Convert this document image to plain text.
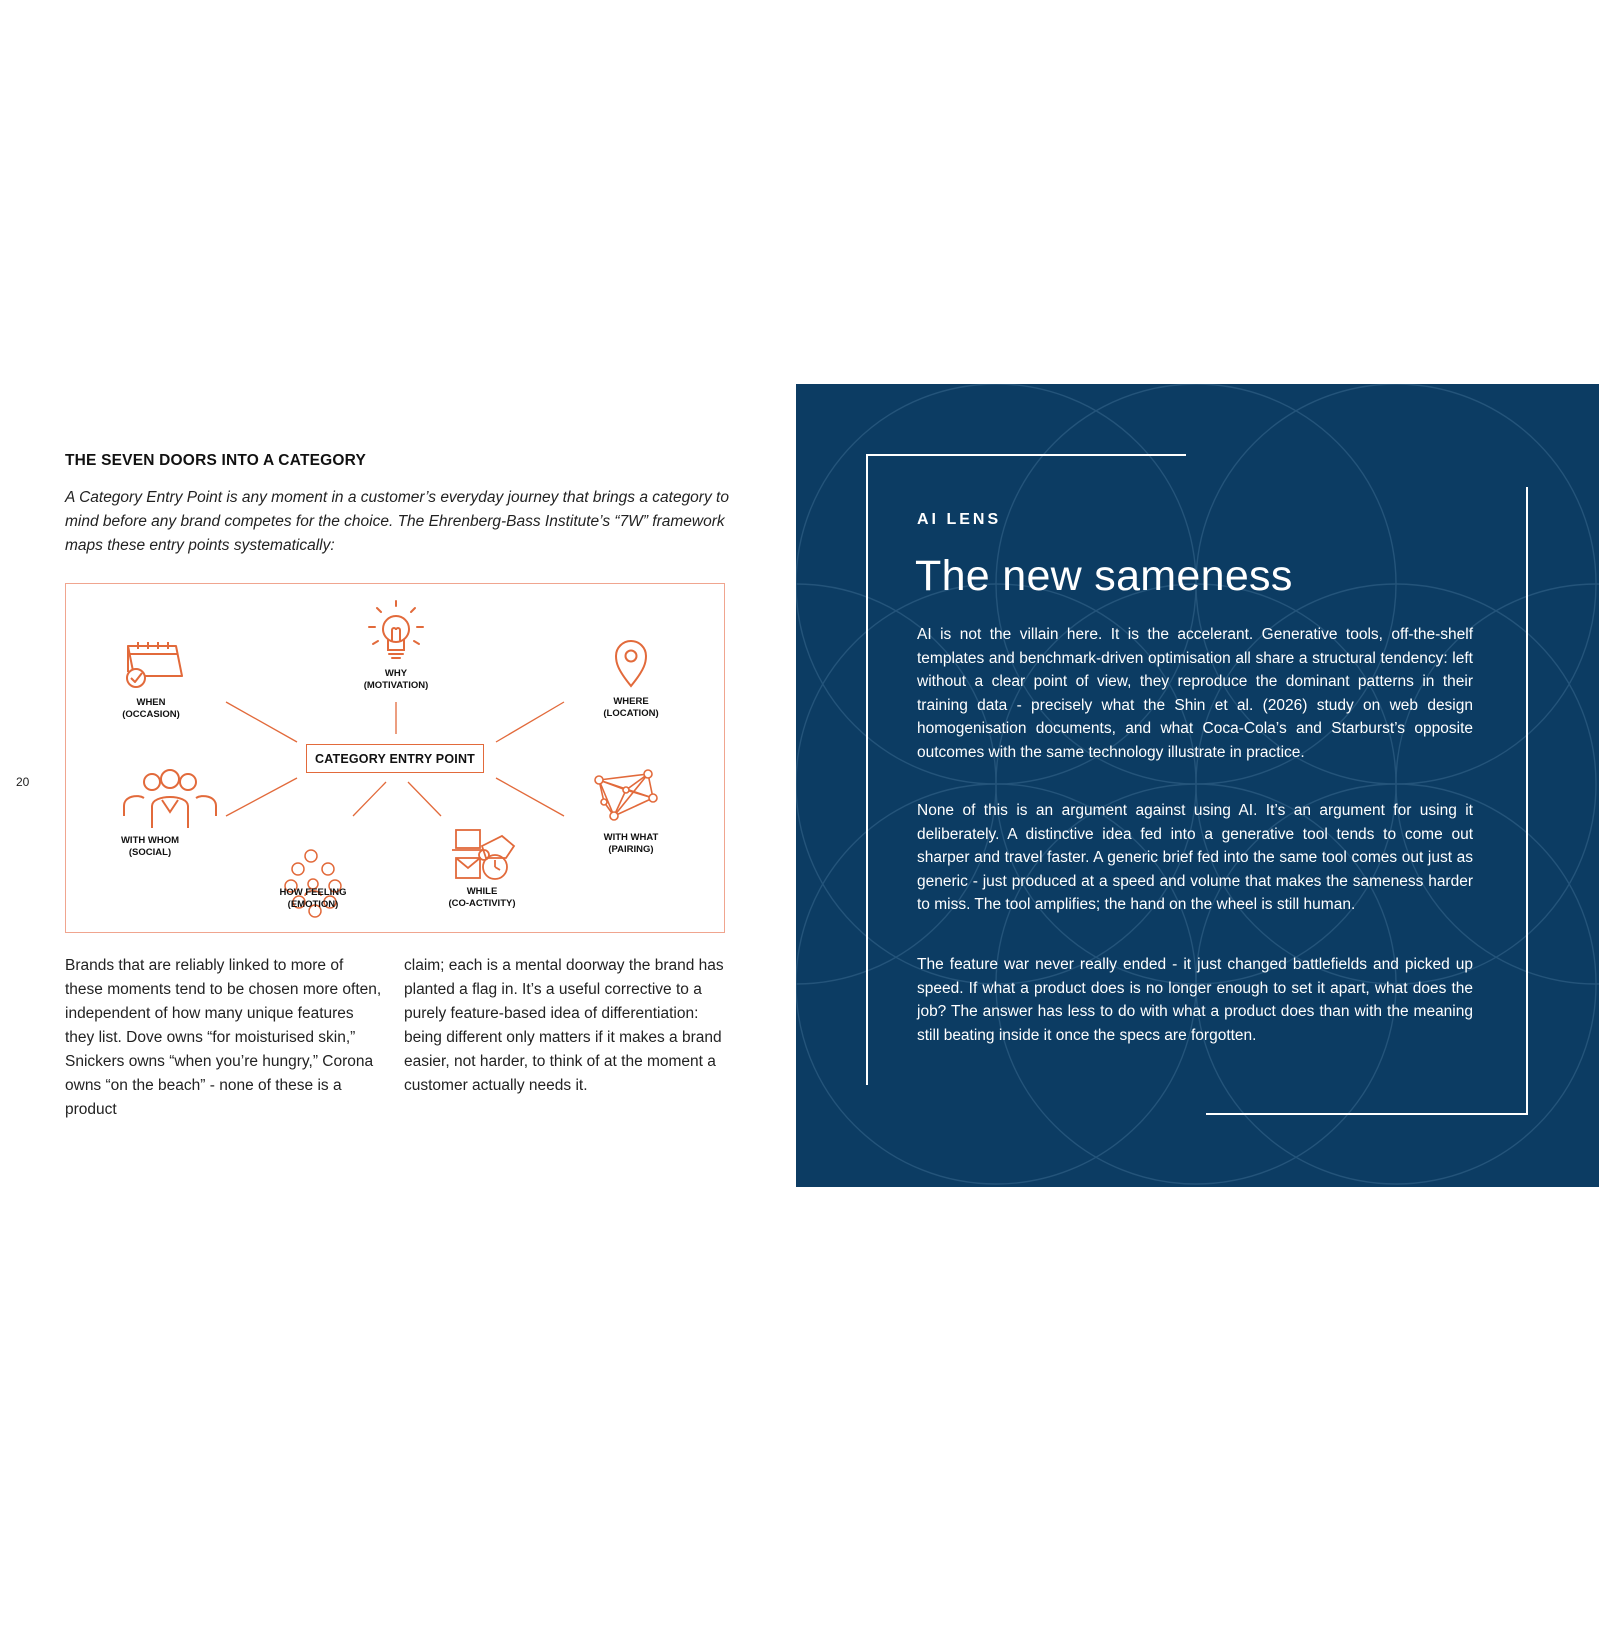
20
THE SEVEN DOORS INTO A CATEGORY
A Category Entry Point is any moment in a customer’s everyday journey that brings a category to mind before any brand competes for the choice. The Ehrenberg-Bass Institute’s “7W” framework maps these entry points systematically:
CATEGORY ENTRY POINT
WHY
(MOTIVATION)
WHEN
(OCCASION)
WHERE
(LOCATION)
WITH WHOM
(SOCIAL)
WITH WHAT
(PAIRING)
HOW FEELING
(EMOTION)
WHILE
(CO-ACTIVITY)
Brands that are reliably linked to more of these moments tend to be chosen more often, independent of how many unique features they list. Dove owns “for moisturised skin,” Snickers owns “when you’re hungry,” Corona owns “on the beach” - none of these is a product
claim; each is a mental doorway the brand has planted a flag in. It’s a useful corrective to a purely feature-based idea of differentiation: being different only matters if it makes a brand easier, not harder, to think of at the moment a customer actually needs it.
AI LENS
The new sameness
AI is not the villain here. It is the accelerant. Generative tools, off-the-shelf templates and benchmark-driven optimisation all share a structural tendency: left without a clear point of view, they reproduce the dominant patterns in their training data - precisely what the Shin et al. (2026) study on web design homogenisation documents, and what Coca-Cola’s and Starburst’s opposite outcomes with the same technology illustrate in practice.
None of this is an argument against using AI. It’s an argument for using it deliberately. A distinctive idea fed into a generative tool tends to come out sharper and travel faster. A generic brief fed into the same tool comes out just as generic - just produced at a speed and volume that makes the sameness harder to miss. The tool amplifies; the hand on the wheel is still human.
The feature war never really ended - it just changed battlefields and picked up speed. If what a product does is no longer enough to set it apart, what does the job? The answer has less to do with what a product does than with the meaning still beating inside it once the specs are forgotten.
